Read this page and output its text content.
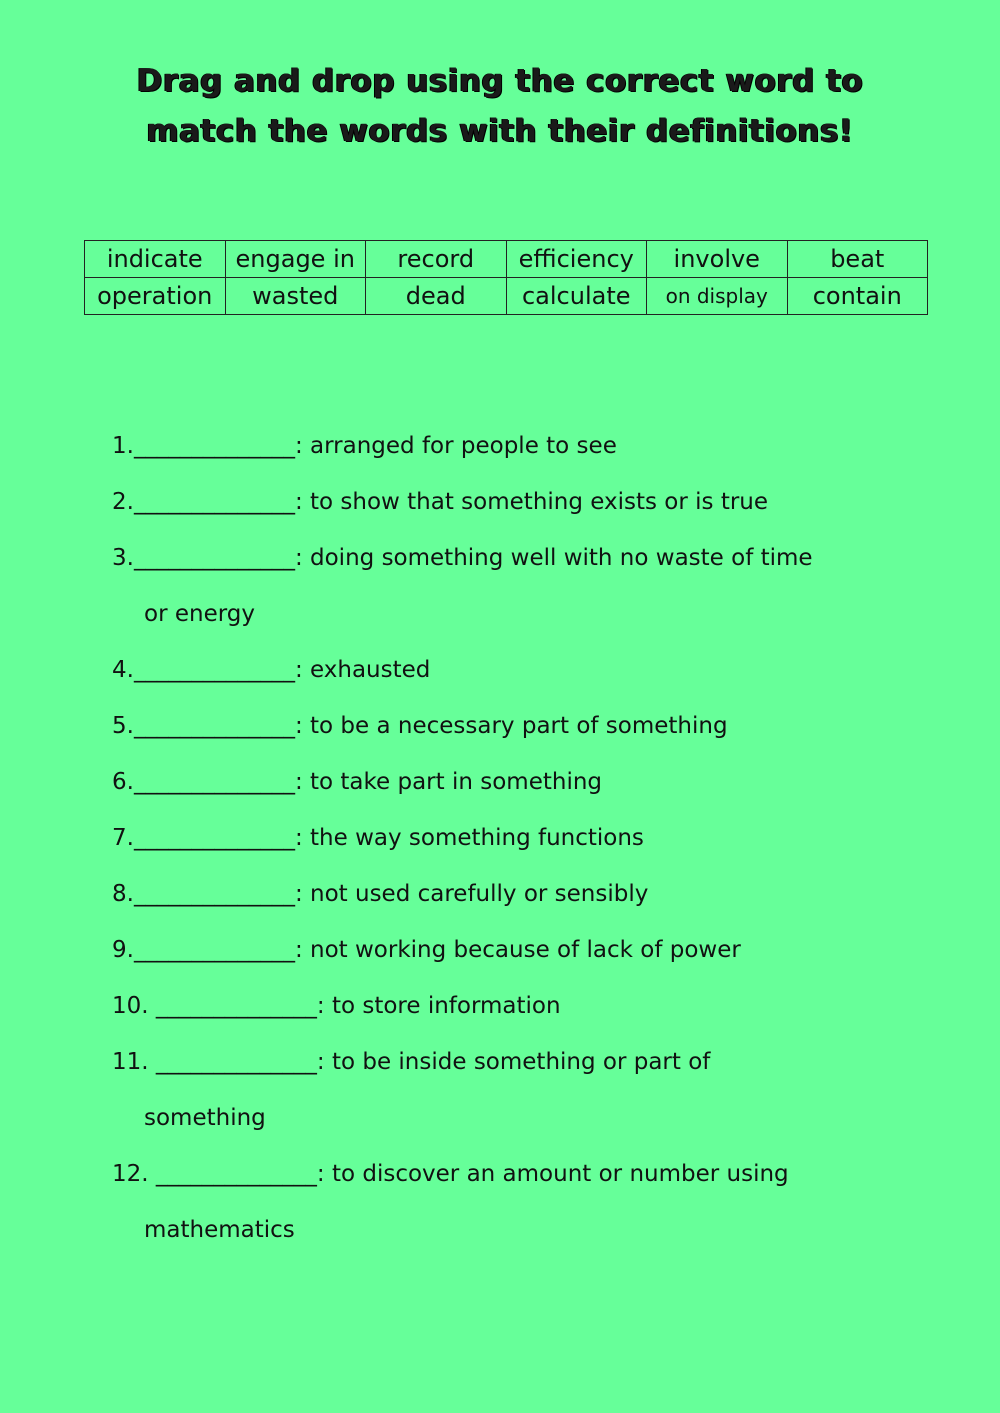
Drag and drop using the correct word to
match the words with their definitions!
indicate	engage in	record	efficiency	involve	beat
operation	wasted	dead	calculate	on display	contain
1.______________: arranged for people to see
2.______________: to show that something exists or is true
3.______________: doing something well with no waste of time
or energy
4.______________: exhausted
5.______________: to be a necessary part of something
6.______________: to take part in something
7.______________: the way something functions
8.______________: not used carefully or sensibly
9.______________: not working because of lack of power
10. ______________: to store information
11. ______________: to be inside something or part of
something
12. ______________: to discover an amount or number using
mathematics
